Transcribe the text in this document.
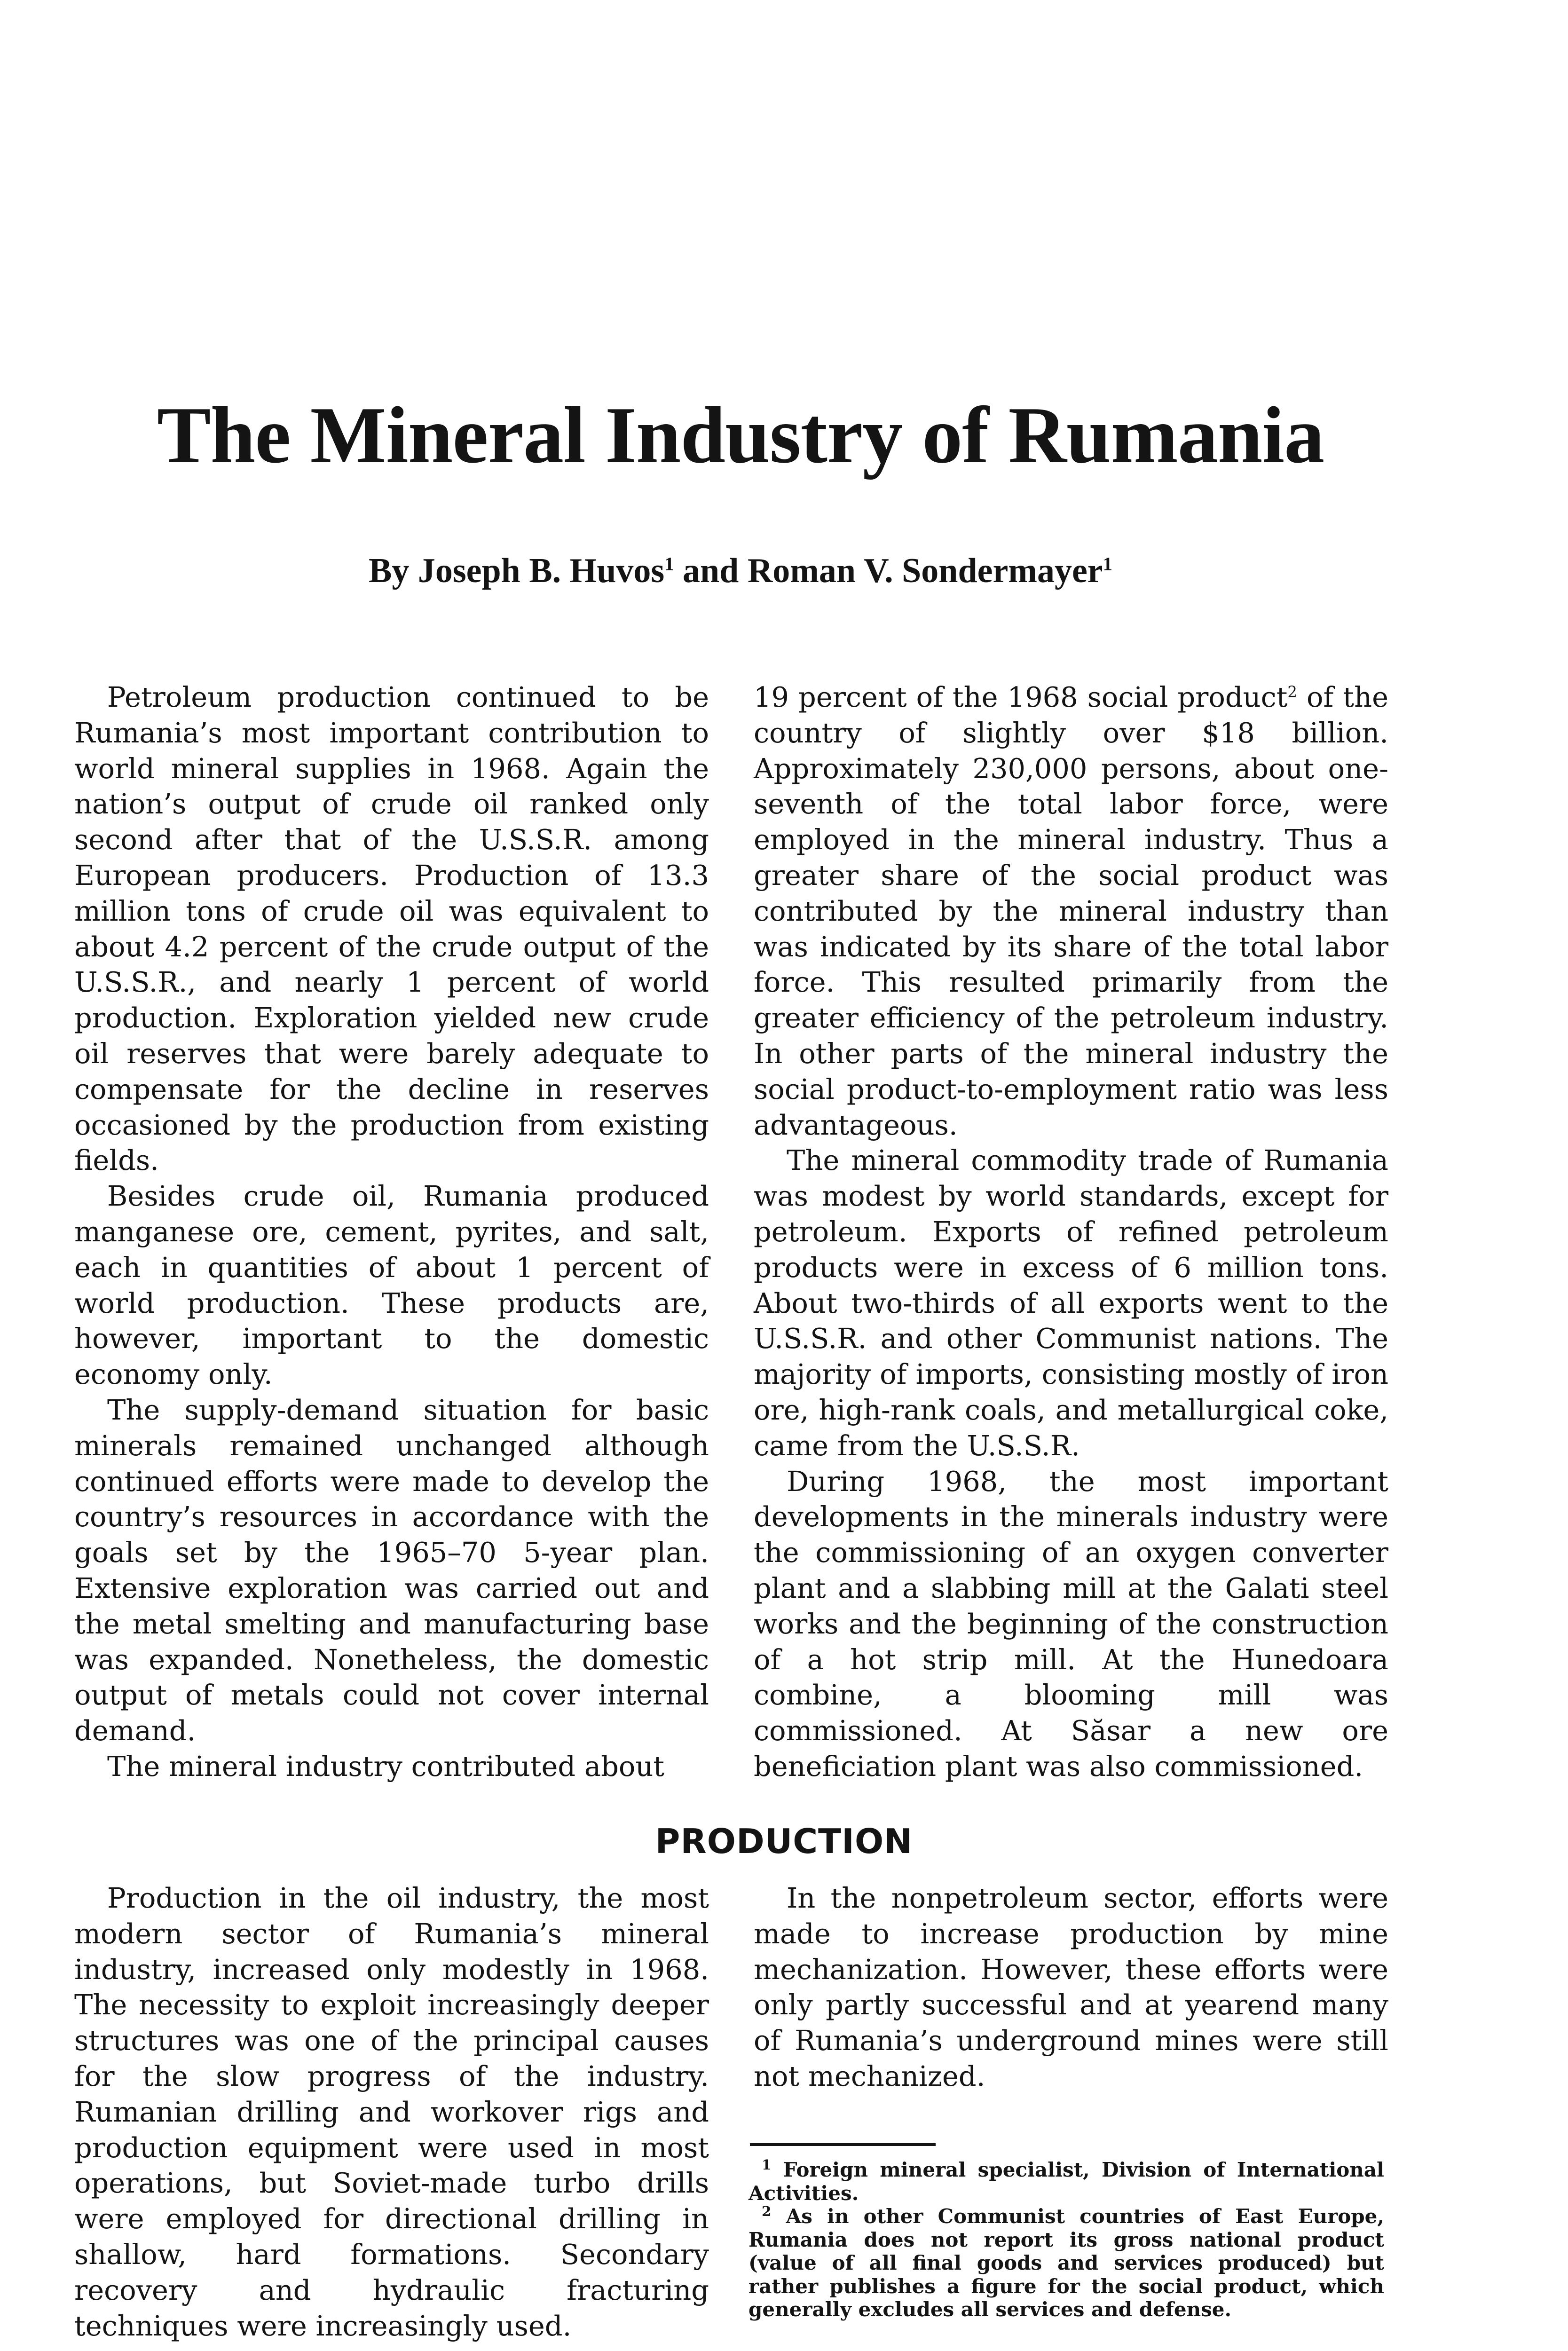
The Mineral Industry of Rumania
By Joseph B. Huvos$^1$ and Roman V. Sondermayer$^1$

Petroleum production continued to be Rumania’s most important contribution to world mineral supplies in 1968. Again the nation’s output of crude oil ranked only second after that of the U.S.S.R. among European producers. Production of 13.3 million tons of crude oil was equivalent to about 4.2 percent of the crude output of the U.S.S.R., and nearly 1 percent of world production. Exploration yielded new crude oil reserves that were barely adequate to compensate for the decline in reserves occasioned by the production from existing fields.

Besides crude oil, Rumania produced manganese ore, cement, pyrites, and salt, each in quantities of about 1 percent of world production. These products are, however, important to the domestic economy only.

The supply-demand situation for basic minerals remained unchanged although continued efforts were made to develop the country’s resources in accordance with the goals set by the 1965–70 5-year plan. Extensive exploration was carried out and the metal smelting and manufacturing base was expanded. Nonetheless, the domestic output of metals could not cover internal demand.

The mineral industry contributed about

19 percent of the 1968 social product$^2$ of the country of slightly over $18 billion. Approximately 230,000 persons, about one-seventh of the total labor force, were employed in the mineral industry. Thus a greater share of the social product was contributed by the mineral industry than was indicated by its share of the total labor force. This resulted primarily from the greater efficiency of the petroleum industry. In other parts of the mineral industry the social product-to-employment ratio was less advantageous.

The mineral commodity trade of Rumania was modest by world standards, except for petroleum. Exports of refined petroleum products were in excess of 6 million tons. About two-thirds of all exports went to the U.S.S.R. and other Communist nations. The majority of imports, consisting mostly of iron ore, high-rank coals, and metallurgical coke, came from the U.S.S.R.

During 1968, the most important developments in the minerals industry were the commissioning of an oxygen converter plant and a slabbing mill at the Galati steel works and the beginning of the construction of a hot strip mill. At the Hunedoara combine, a blooming mill was commissioned. At Săsar a new ore beneficiation plant was also commissioned.

PRODUCTION

Production in the oil industry, the most modern sector of Rumania’s mineral industry, increased only modestly in 1968. The necessity to exploit increasingly deeper structures was one of the principal causes for the slow progress of the industry. Rumanian drilling and workover rigs and production equipment were used in most operations, but Soviet-made turbo drills were employed for directional drilling in shallow, hard formations. Secondary recovery and hydraulic fracturing techniques were increasingly used.

In the nonpetroleum sector, efforts were made to increase production by mine mechanization. However, these efforts were only partly successful and at yearend many of Rumania’s underground mines were still not mechanized.

$^1$ Foreign mineral specialist, Division of International Activities.

$^2$ As in other Communist countries of East Europe, Rumania does not report its gross national product (value of all final goods and services produced) but rather publishes a figure for the social product, which generally excludes all services and defense.
